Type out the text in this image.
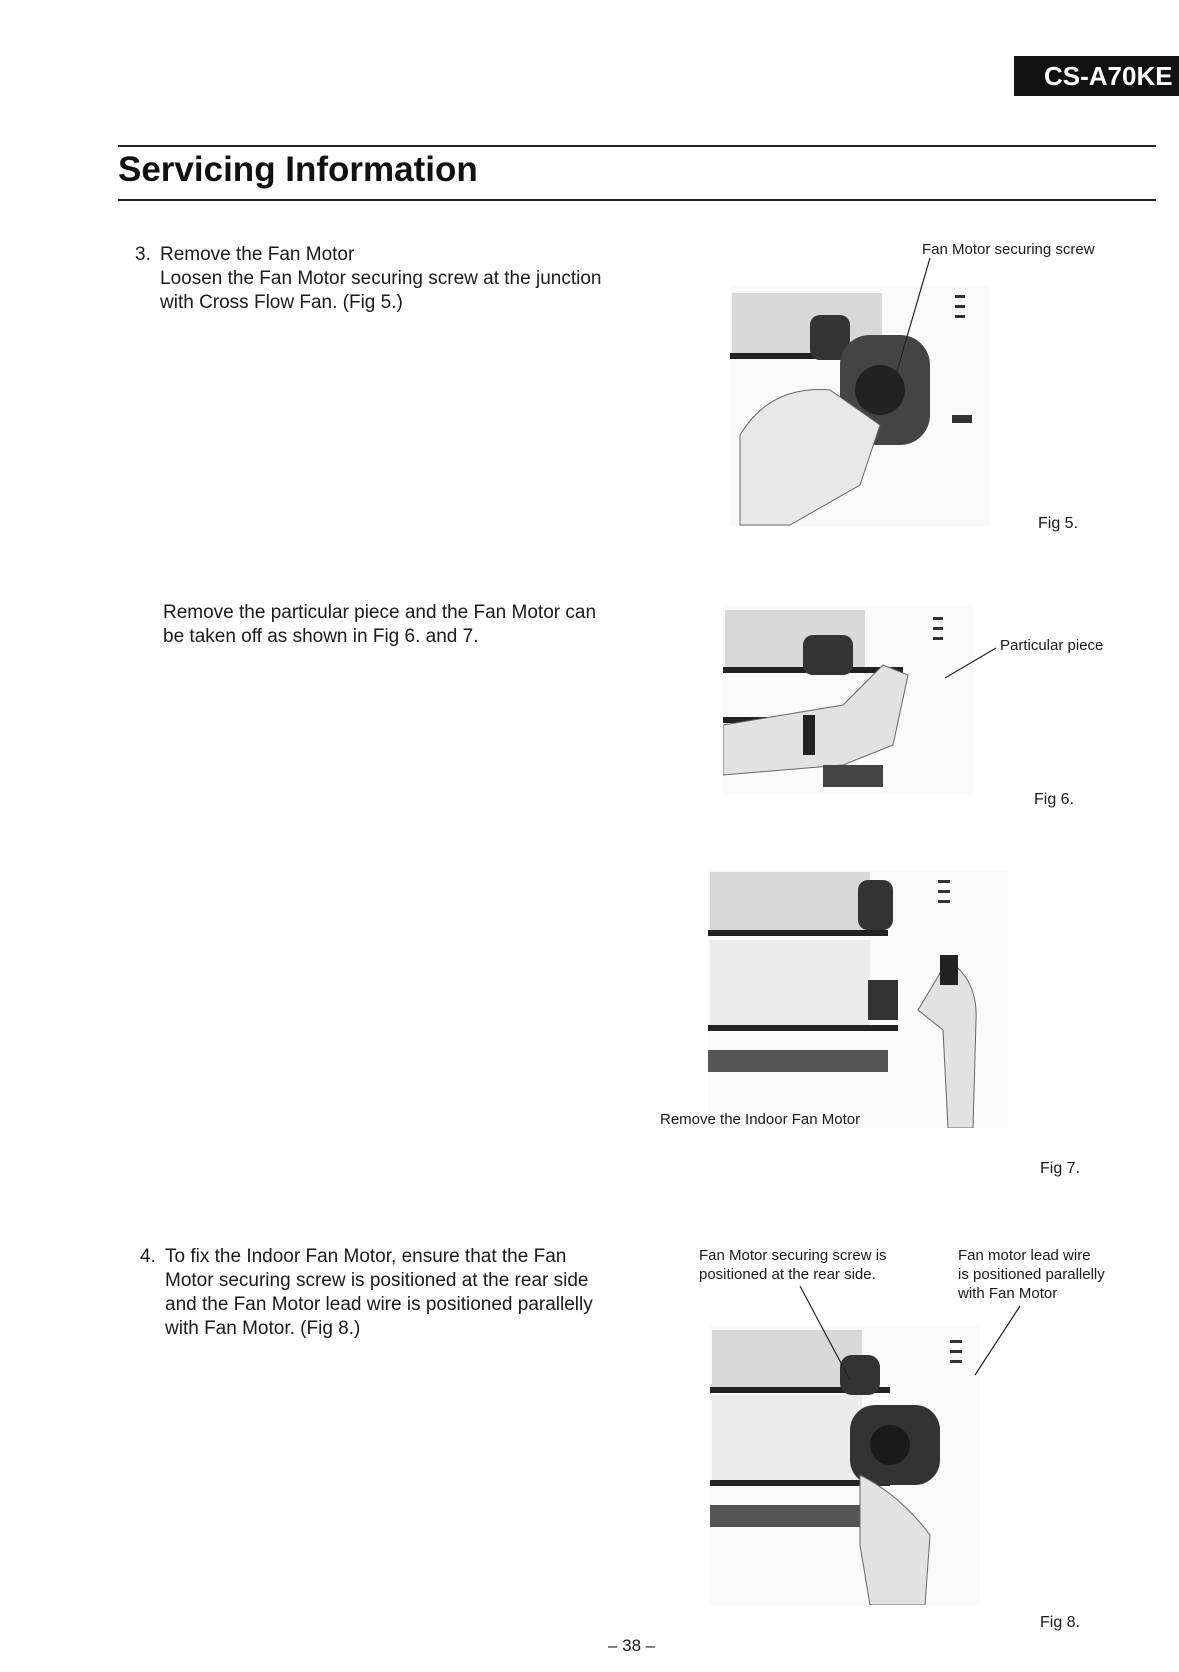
CS-A70KE
Servicing Information
3. Remove the Fan Motor
Loosen the Fan Motor securing screw at the junction
with Cross Flow Fan. (Fig 5.)
Remove the particular piece and the Fan Motor can
be taken off as shown in Fig 6. and 7.
4. To fix the Indoor Fan Motor, ensure that the Fan
Motor securing screw is positioned at the rear side
and the Fan Motor lead wire is positioned parallelly
with Fan Motor. (Fig 8.)
Fan Motor securing screw
Fig 5.
Particular piece
Fig 6.
Remove the Indoor Fan Motor
Fig 7.
Fan Motor securing screw is
positioned at the rear side.
Fan motor lead wire
is positioned parallelly
with Fan Motor
Fig 8.
– 38 –
